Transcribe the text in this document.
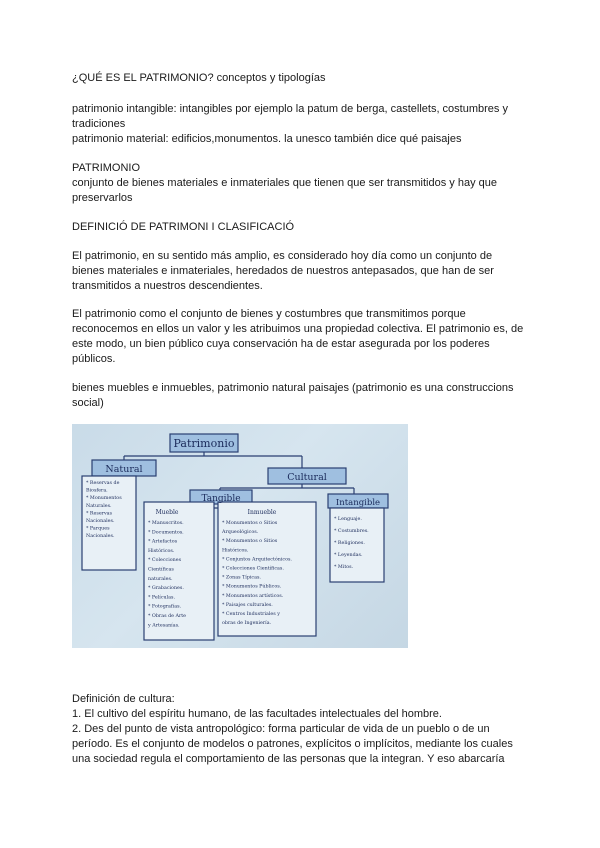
¿QUÉ ES EL PATRIMONIO? conceptos y tipologías

patrimonio intangible: intangibles por ejemplo la patum de berga, castellets, costumbres y

tradiciones

patrimonio material: edificios,monumentos. la unesco también dice qué paisajes

PATRIMONIO

conjunto de bienes materiales e inmateriales que tienen que ser transmitidos y hay que

preservarlos

DEFINICIÓ DE PATRIMONI I CLASIFICACIÓ

El patrimonio, en su sentido más amplio, es considerado hoy día como un conjunto de

bienes materiales e inmateriales, heredados de nuestros antepasados, que han de ser

transmitidos a nuestros descendientes.

El patrimonio como el conjunto de bienes y costumbres que transmitimos porque

reconocemos en ellos un valor y les atribuimos una propiedad colectiva. El patrimonio es, de

este modo, un bien público cuya conservación ha de estar asegurada por los poderes

públicos.

bienes muebles e inmuebles, patrimonio natural paisajes (patrimonio es una construccions

social)

Patrimonio
Natural
Cultural
Tangible	Intangible
Mueble	Inmueble
* Reservas de
Biosfera.
* Monumentos
Naturales.
* Reservas
Nacionales.
* Parques
Nacionales.
* Manuscritos.
* Documentos.
* Artefactos
Históricos.
* Colecciones
Científicas
naturales.
* Grabaciones.
* Películas.
* Fotografías.
* Obras de Arte
y Artesanías.
* Monumentos o Sitios
Arqueológicos.
* Monumentos o Sitios
Históricos.
* Conjuntos Arquitectónicos.
* Colecciones Científicas.
* Zonas Típicas.
* Monumentos Públicos.
* Monumentos artísticos.
* Paisajes culturales.
* Centros Industriales y
obras de Ingeniería.
* Lenguaje.
* Costumbres.
* Religiones.
* Leyendas.
* Mitos.

Definición de cultura:

1. El cultivo del espíritu humano, de las facultades intelectuales del hombre.

2. Des del punto de vista antropológico: forma particular de vida de un pueblo o de un

período. Es el conjunto de modelos o patrones, explícitos o implícitos, mediante los cuales

una sociedad regula el comportamiento de las personas que la integran. Y eso abarcaría
